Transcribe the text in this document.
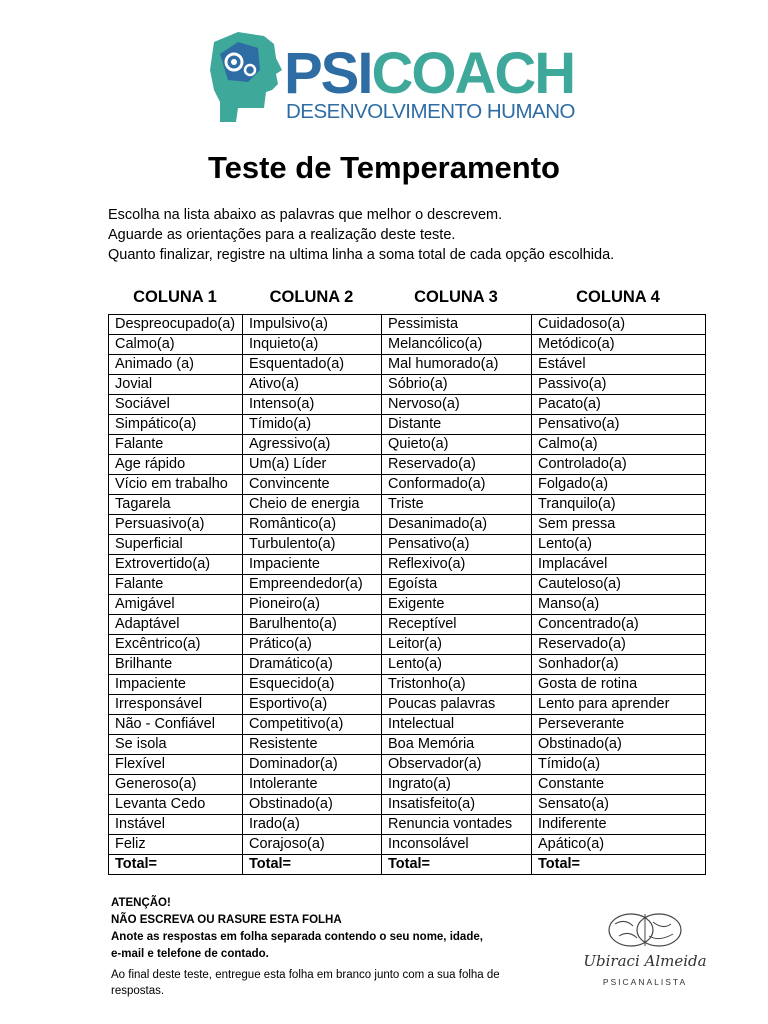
PSICOACH
DESENVOLVIMENTO HUMANO
Teste de Temperamento

Escolha na lista abaixo as palavras que melhor o descrevem.

Aguarde as orientações para a realização deste teste.

Quanto finalizar, registre na ultima linha a soma total de cada opção escolhida.

COLUNA 1	COLUNA 2	COLUNA 3	COLUNA 4
Despreocupado(a)	Impulsivo(a)	Pessimista	Cuidadoso(a)
Calmo(a)	Inquieto(a)	Melancólico(a)	Metódico(a)
Animado (a)	Esquentado(a)	Mal humorado(a)	Estável
Jovial	Ativo(a)	Sóbrio(a)	Passivo(a)
Sociável	Intenso(a)	Nervoso(a)	Pacato(a)
Simpático(a)	Tímido(a)	Distante	Pensativo(a)
Falante	Agressivo(a)	Quieto(a)	Calmo(a)
Age rápido	Um(a) Líder	Reservado(a)	Controlado(a)
Vício em trabalho	Convincente	Conformado(a)	Folgado(a)
Tagarela	Cheio de energia	Triste	Tranquilo(a)
Persuasivo(a)	Romântico(a)	Desanimado(a)	Sem pressa
Superficial	Turbulento(a)	Pensativo(a)	Lento(a)
Extrovertido(a)	Impaciente	Reflexivo(a)	Implacável
Falante	Empreendedor(a)	Egoísta	Cauteloso(a)
Amigável	Pioneiro(a)	Exigente	Manso(a)
Adaptável	Barulhento(a)	Receptível	Concentrado(a)
Excêntrico(a)	Prático(a)	Leitor(a)	Reservado(a)
Brilhante	Dramático(a)	Lento(a)	Sonhador(a)
Impaciente	Esquecido(a)	Tristonho(a)	Gosta de rotina
Irresponsável	Esportivo(a)	Poucas palavras	Lento para aprender
Não - Confiável	Competitivo(a)	Intelectual	Perseverante
Se isola	Resistente	Boa Memória	Obstinado(a)
Flexível	Dominador(a)	Observador(a)	Tímido(a)
Generoso(a)	Intolerante	Ingrato(a)	Constante
Levanta Cedo	Obstinado(a)	Insatisfeito(a)	Sensato(a)
Instável	Irado(a)	Renuncia vontades	Indiferente
Feliz	Corajoso(a)	Inconsolável	Apático(a)
Total=	Total=	Total=	Total=

ATENÇÃO!

NÃO ESCREVA OU RASURE ESTA FOLHA

Anote as respostas em folha separada contendo o seu nome, idade,

e-mail e telefone de contado.

Ao final deste teste, entregue esta folha em branco junto com a sua folha de respostas.

Ubiraci Almeida
PSICANALISTA
